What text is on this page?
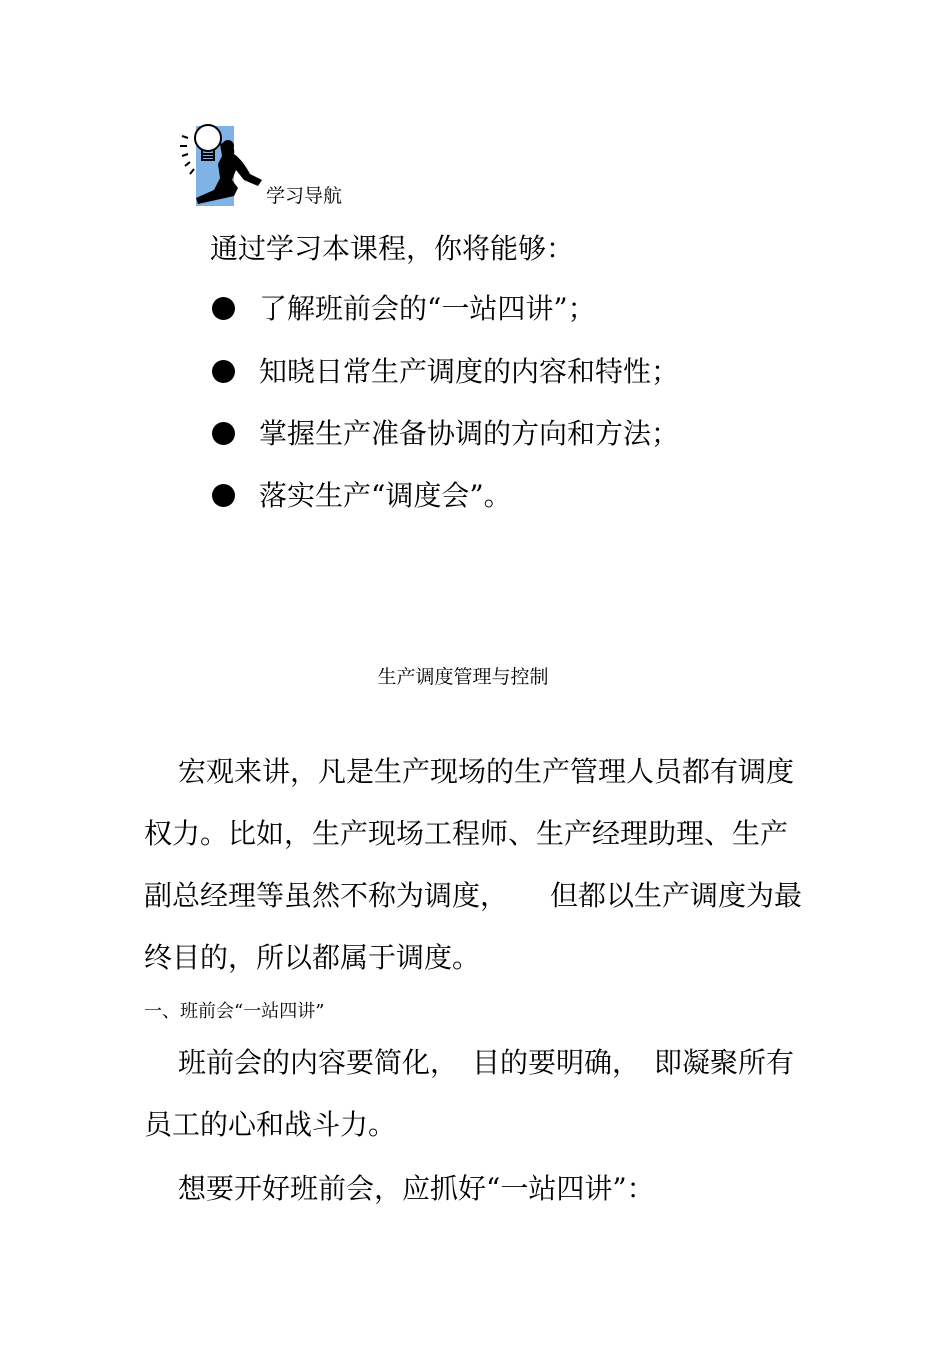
学习导航
通过学习本课程，你将能够：
了解班前会的“一站四讲”；
知晓日常生产调度的内容和特性；
掌握生产准备协调的方向和方法；
落实生产“调度会”。
生产调度管理与控制
宏观来讲，凡是生产现场的生产管理人员都有调度权力。比如，生产现场工程师、生产经理助理、生产副总经理等虽然不称为调度，　　但都以生产调度为最终目的，所以都属于调度。
一、班前会“一站四讲”
班前会的内容要简化，　目的要明确，　即凝聚所有员工的心和战斗力。
想要开好班前会，应抓好“一站四讲”：
